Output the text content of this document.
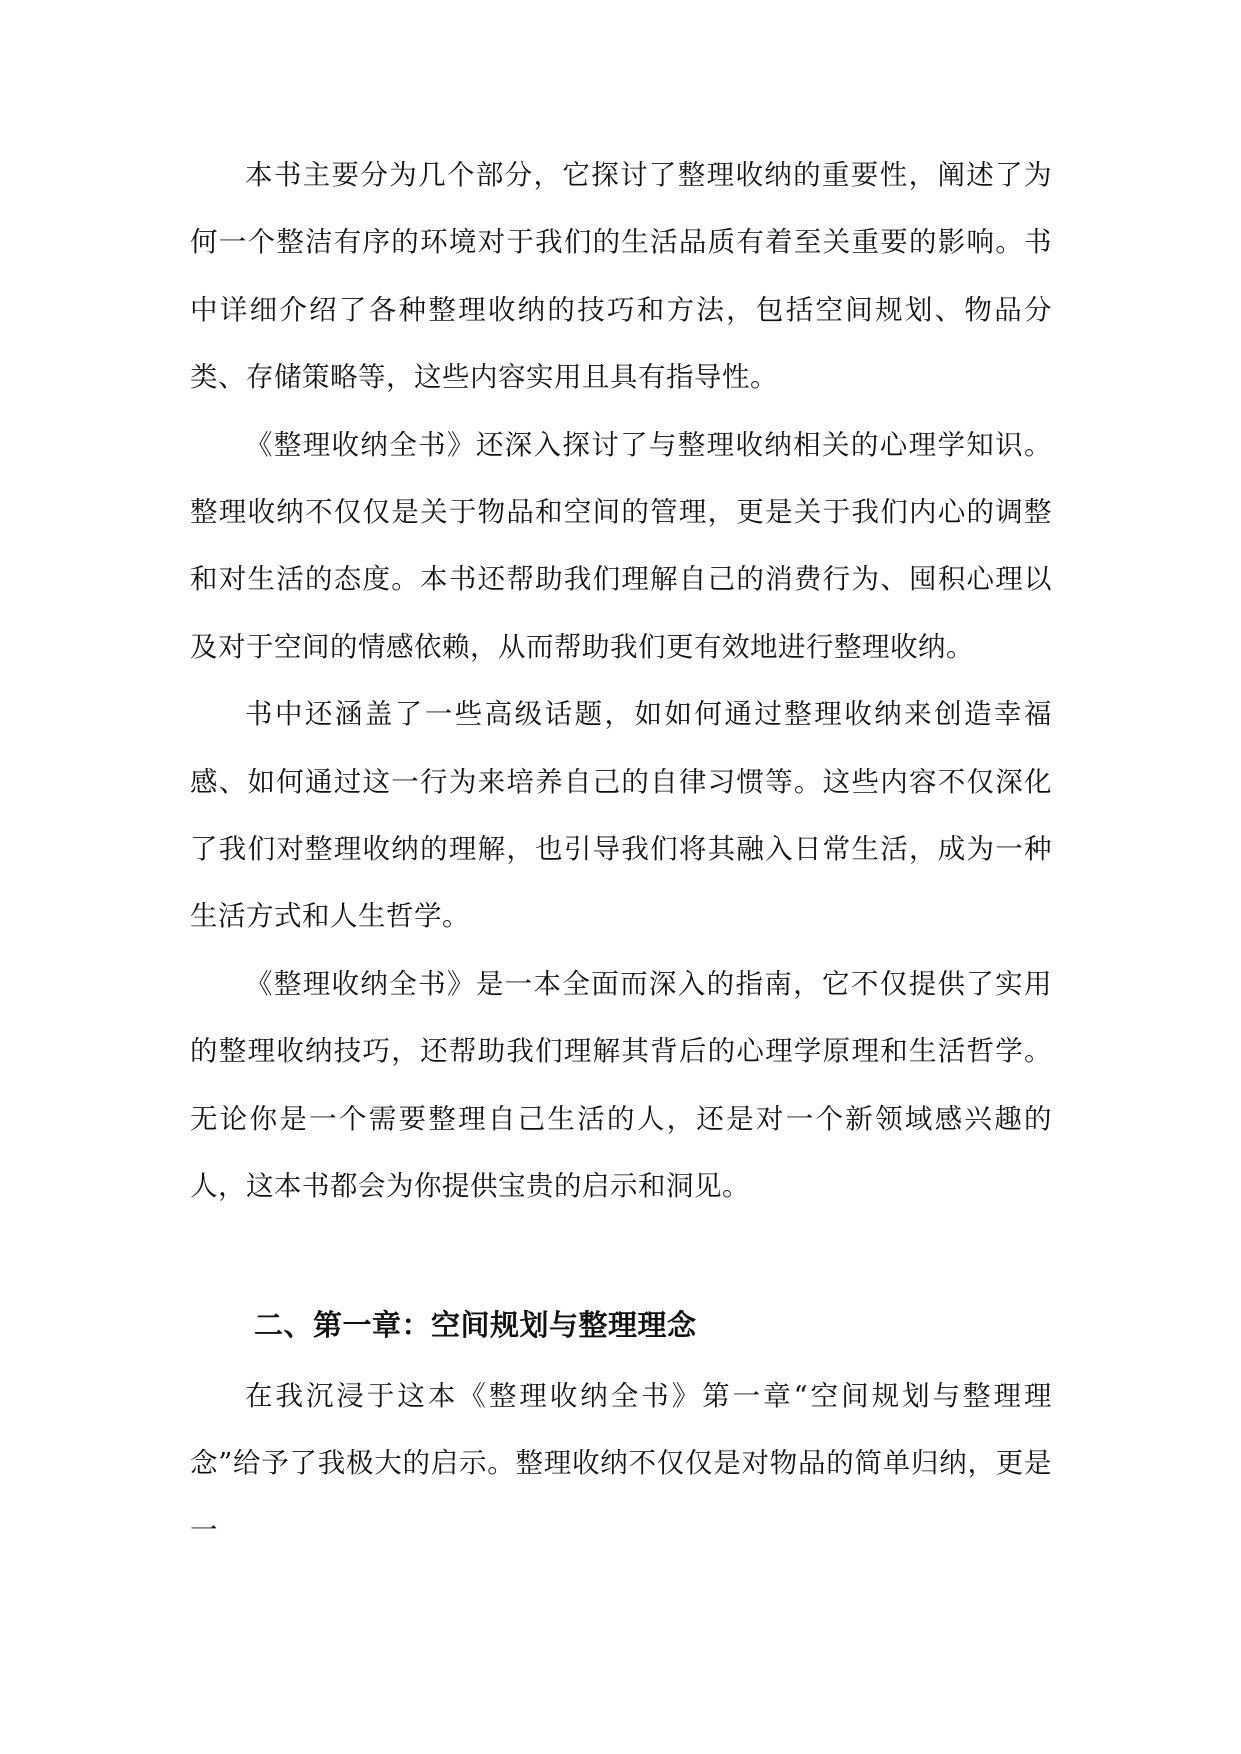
本书主要分为几个部分，它探讨了整理收纳的重要性，阐述了为何一个整洁有序的环境对于我们的生活品质有着至关重要的影响。书中详细介绍了各种整理收纳的技巧和方法，包括空间规划、物品分类、存储策略等，这些内容实用且具有指导性。

《整理收纳全书》还深入探讨了与整理收纳相关的心理学知识。整理收纳不仅仅是关于物品和空间的管理，更是关于我们内心的调整和对生活的态度。本书还帮助我们理解自己的消费行为、囤积心理以及对于空间的情感依赖，从而帮助我们更有效地进行整理收纳。

书中还涵盖了一些高级话题，如如何通过整理收纳来创造幸福感、如何通过这一行为来培养自己的自律习惯等。这些内容不仅深化了我们对整理收纳的理解，也引导我们将其融入日常生活，成为一种生活方式和人生哲学。

《整理收纳全书》是一本全面而深入的指南，它不仅提供了实用的整理收纳技巧，还帮助我们理解其背后的心理学原理和生活哲学。无论你是一个需要整理自己生活的人，还是对一个新领域感兴趣的人，这本书都会为你提供宝贵的启示和洞见。

二、第一章：空间规划与整理理念

在我沉浸于这本《整理收纳全书》第一章“空间规划与整理理念”给予了我极大的启示。整理收纳不仅仅是对物品的简单归纳，更是一
